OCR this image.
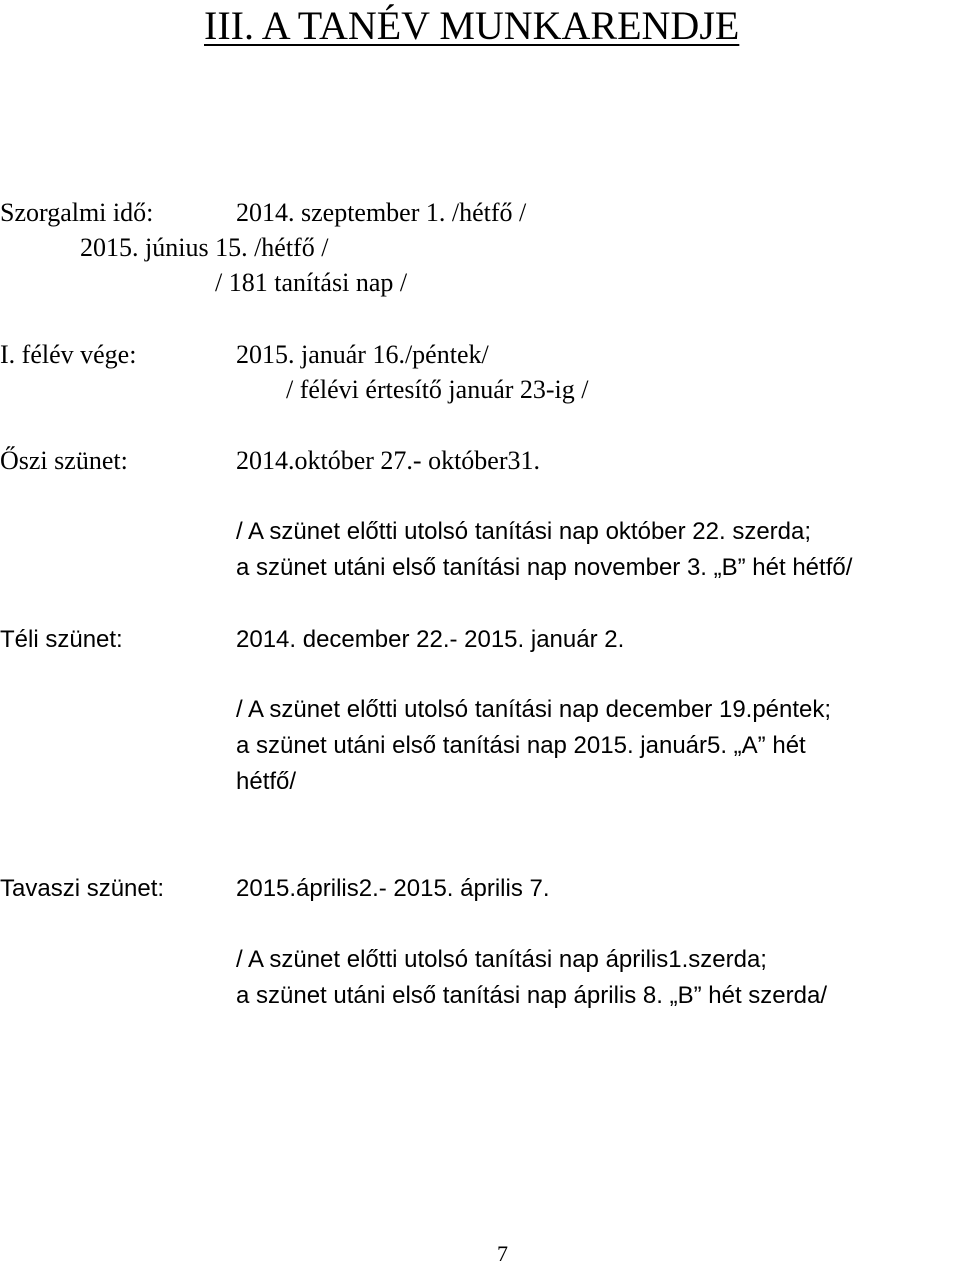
III. A TANÉV MUNKARENDJE
Szorgalmi idő:	2014. szeptember 1. /hétfő /
2015. június 15. /hétfő /
/ 181 tanítási nap /
I. félév vége:	2015. január 16./péntek/
/ félévi értesítő január 23-ig /
Őszi szünet:	2014.október 27.- október31.
/ A szünet előtti utolsó tanítási nap október 22. szerda;
a szünet utáni első tanítási nap november 3. „B” hét hétfő/
Téli szünet:	2014. december 22.- 2015. január 2.
/ A szünet előtti utolsó tanítási nap december 19.péntek;
a szünet utáni első tanítási nap 2015. január5. „A” hét
hétfő/
Tavaszi szünet:	2015.április2.- 2015. április 7.
/ A szünet előtti utolsó tanítási nap április1.szerda;
a szünet utáni első tanítási nap április 8. „B” hét szerda/
7
